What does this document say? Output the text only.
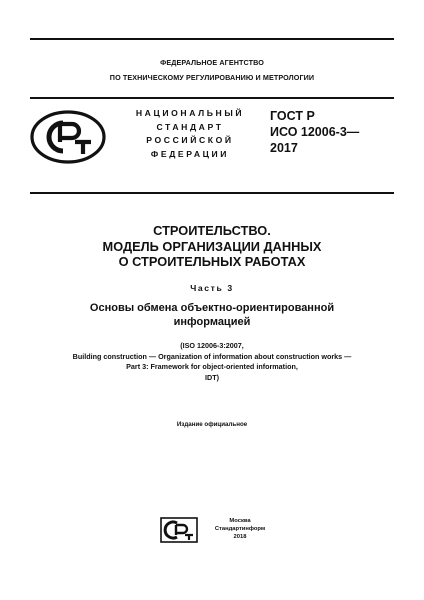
ФЕДЕРАЛЬНОЕ АГЕНТСТВО
ПО ТЕХНИЧЕСКОМУ РЕГУЛИРОВАНИЮ И МЕТРОЛОГИИ
НАЦИОНАЛЬНЫЙ
СТАНДАРТ
РОССИЙСКОЙ
ФЕДЕРАЦИИ
ГОСТ Р
ИСО 12006-3—
2017
СТРОИТЕЛЬСТВО.
МОДЕЛЬ ОРГАНИЗАЦИИ ДАННЫХ
О СТРОИТЕЛЬНЫХ РАБОТАХ
Часть 3
Основы обмена объектно-ориентированной
информацией
(ISO 12006-3:2007,
Building construction — Organization of information about construction works —
Part 3: Framework for object-oriented information,
IDT)
Издание официальное
Москва
Стандартинформ
2018
